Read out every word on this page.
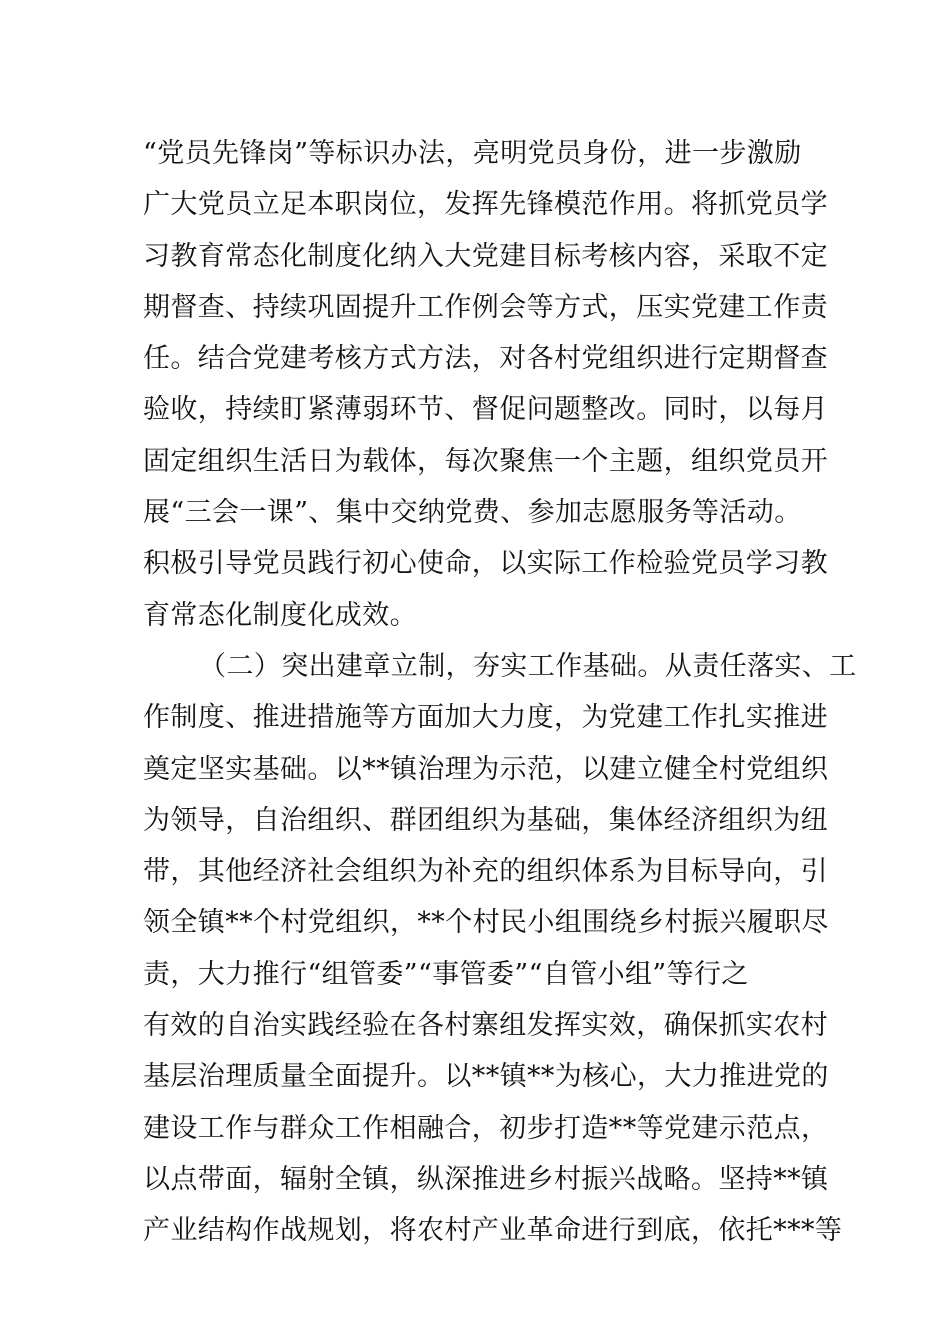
“党员先锋岗”等标识办法，亮明党员身份，进一步激励
广大党员立足本职岗位，发挥先锋模范作用。将抓党员学
习教育常态化制度化纳入大党建目标考核内容，采取不定
期督查、持续巩固提升工作例会等方式，压实党建工作责
任。结合党建考核方式方法，对各村党组织进行定期督查
验收，持续盯紧薄弱环节、督促问题整改。同时，以每月
固定组织生活日为载体，每次聚焦一个主题，组织党员开
展“三会一课”、集中交纳党费、参加志愿服务等活动。
积极引导党员践行初心使命，以实际工作检验党员学习教
育常态化制度化成效。
（二）突出建章立制，夯实工作基础。从责任落实、工
作制度、推进措施等方面加大力度，为党建工作扎实推进
奠定坚实基础。以**镇治理为示范，以建立健全村党组织
为领导，自治组织、群团组织为基础，集体经济组织为纽
带，其他经济社会组织为补充的组织体系为目标导向，引
领全镇**个村党组织，**个村民小组围绕乡村振兴履职尽
责，大力推行“组管委”“事管委”“自管小组”等行之
有效的自治实践经验在各村寨组发挥实效，确保抓实农村
基层治理质量全面提升。以**镇**为核心，大力推进党的
建设工作与群众工作相融合，初步打造**等党建示范点，
以点带面，辐射全镇，纵深推进乡村振兴战略。坚持**镇
产业结构作战规划，将农村产业革命进行到底，依托***等
